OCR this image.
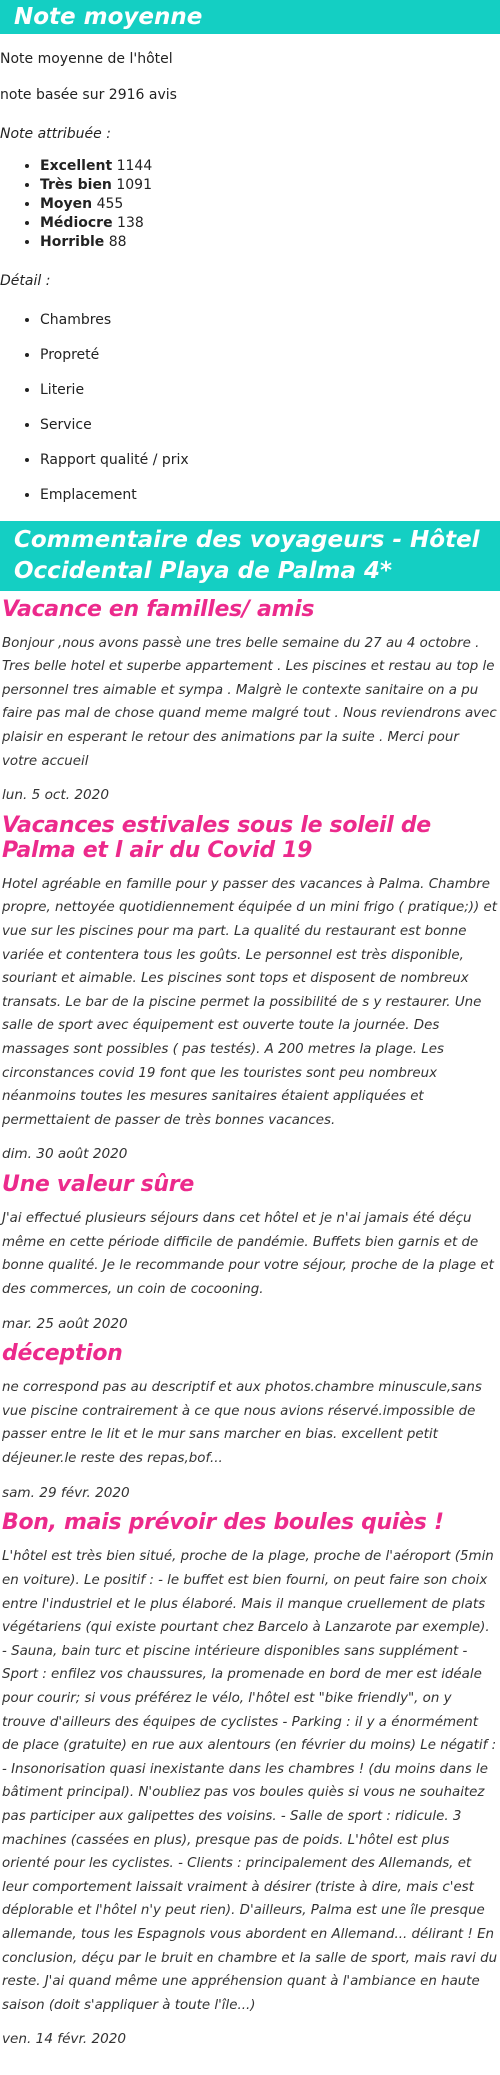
Note moyenne

Note moyenne de l'hôtel

note basée sur 2916 avis

Note attribuée :

• Excellent 1144
• Très bien 1091
• Moyen 455
• Médiocre 138
• Horrible 88

Détail :

• Chambres
• Propreté
• Literie
• Service
• Rapport qualité / prix
• Emplacement
Commentaire des voyageurs - Hôtel Occidental Playa de Palma 4*
Vacance en familles/ amis

Bonjour ,nous avons passè une tres belle semaine du 27 au 4 octobre . Tres belle hotel et superbe appartement . Les piscines et restau au top le personnel tres aimable et sympa . Malgrè le contexte sanitaire on a pu faire pas mal de chose quand meme malgré tout . Nous reviendrons avec plaisir en esperant le retour des animations par la suite . Merci pour votre accueil

lun. 5 oct. 2020

Vacances estivales sous le soleil de Palma et l air du Covid 19

Hotel agréable en famille pour y passer des vacances à Palma. Chambre propre, nettoyée quotidiennement équipée d un mini frigo ( pratique;)) et vue sur les piscines pour ma part. La qualité du restaurant est bonne variée et contentera tous les goûts. Le personnel est très disponible, souriant et aimable. Les piscines sont tops et disposent de nombreux transats. Le bar de la piscine permet la possibilité de s y restaurer. Une salle de sport avec équipement est ouverte toute la journée. Des massages sont possibles ( pas testés). A 200 metres la plage. Les circonstances covid 19 font que les touristes sont peu nombreux néanmoins toutes les mesures sanitaires étaient appliquées et permettaient de passer de très bonnes vacances.

dim. 30 août 2020

Une valeur sûre

J'ai effectué plusieurs séjours dans cet hôtel et je n'ai jamais été déçu même en cette période difficile de pandémie. Buffets bien garnis et de bonne qualité. Je le recommande pour votre séjour, proche de la plage et des commerces, un coin de cocooning.

mar. 25 août 2020

déception

ne correspond pas au descriptif et aux photos.chambre minuscule,sans vue piscine contrairement à ce que nous avions réservé.impossible de passer entre le lit et le mur sans marcher en bias. excellent petit déjeuner.le reste des repas,bof...

sam. 29 févr. 2020

Bon, mais prévoir des boules quiès !

L'hôtel est très bien situé, proche de la plage, proche de l'aéroport (5min en voiture). Le positif : - le buffet est bien fourni, on peut faire son choix entre l'industriel et le plus élaboré. Mais il manque cruellement de plats végétariens (qui existe pourtant chez Barcelo à Lanzarote par exemple). - Sauna, bain turc et piscine intérieure disponibles sans supplément - Sport : enfilez vos chaussures, la promenade en bord de mer est idéale pour courir; si vous préférez le vélo, l'hôtel est "bike friendly", on y trouve d'ailleurs des équipes de cyclistes - Parking : il y a énormément de place (gratuite) en rue aux alentours (en février du moins) Le négatif : - Insonorisation quasi inexistante dans les chambres ! (du moins dans le bâtiment principal). N'oubliez pas vos boules quiès si vous ne souhaitez pas participer aux galipettes des voisins. - Salle de sport : ridicule. 3 machines (cassées en plus), presque pas de poids. L'hôtel est plus orienté pour les cyclistes. - Clients : principalement des Allemands, et leur comportement laissait vraiment à désirer (triste à dire, mais c'est déplorable et l'hôtel n'y peut rien). D'ailleurs, Palma est une île presque allemande, tous les Espagnols vous abordent en Allemand... délirant ! En conclusion, déçu par le bruit en chambre et la salle de sport, mais ravi du reste. J'ai quand même une appréhension quant à l'ambiance en haute saison (doit s'appliquer à toute l'île...)

ven. 14 févr. 2020
